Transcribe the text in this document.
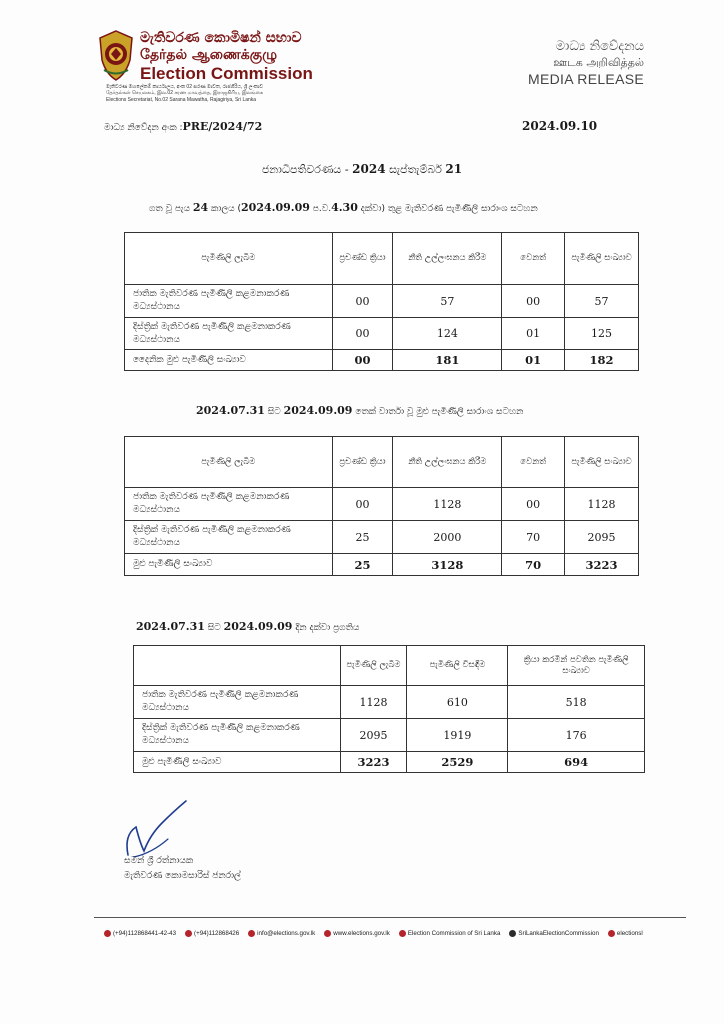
මැතිවරණ කොමිෂන් සභාව
தேர்தல் ஆணைக்குழு
Election Commission
මැතිවරණ මහලේකම් කාර්යාලය, අංක 02 සරණ මාවත, රාජගිරිය, ශ්‍රී ලංකාව
தேர்தல்கள் செயலகம், இல.02 சரண மாவத்தை, இராஜகிரிய, இலங்கை
Elections Secretariat, No.02 Sarana Mawatha, Rajagiriya, Sri Lanka
මාධ්‍ය නිවේදනය
ஊடக அறிவித்தல்
MEDIA RELEASE
මාධ්‍ය නිවේදන අංක :PRE/2024/72	2024.09.10
ජනාධිපතිවරණය - 2024 සැප්තැම්බර් 21
ගත වූ පැය 24 කාලය (2024.09.09 ප.ව.4.30 දක්වා) තුළ මැතිවරණ පැමිණිලි සාරාංශ සටහන
පැමිණිලි ලැබීම	ප්‍රචණ්ඩ ක්‍රියා	නීති උල්ලංඝනය කිරීම	වෙනත්	පැමිණිලි සංඛ්‍යාව
ජාතික මැතිවරණ පැමිණිලි කළමනාකරණ මධ්‍යස්ථානය	00	57	00	57
දිස්ත්‍රික් මැතිවරණ පැමිණිලි කළමනාකරණ මධ්‍යස්ථානය	00	124	01	125
දෛනික මුළු පැමිණිලි සංඛ්‍යාව	00	181	01	182
2024.07.31 සිට 2024.09.09 තෙක් වාර්තා වූ මුළු පැමිණිලි සාරාංශ සටහන
පැමිණිලි ලැබීම	ප්‍රචණ්ඩ ක්‍රියා	නීති උල්ලංඝනය කිරීම	වෙනත්	පැමිණිලි සංඛ්‍යාව
ජාතික මැතිවරණ පැමිණිලි කළමනාකරණ මධ්‍යස්ථානය	00	1128	00	1128
දිස්ත්‍රික් මැතිවරණ පැමිණිලි කළමනාකරණ මධ්‍යස්ථානය	25	2000	70	2095
මුළු පැමිණිලි සංඛ්‍යාව	25	3128	70	3223
2024.07.31 සිට 2024.09.09 දින දක්වා ප්‍රගතිය
	පැමිණිලි ලැබීම	පැමිණිලි විසඳීම	ක්‍රියා කරමින් පවතින පැමිණිලි සංඛ්‍යාව
ජාතික මැතිවරණ පැමිණිලි කළමනාකරණ මධ්‍යස්ථානය	1128	610	518
දිස්ත්‍රික් මැතිවරණ පැමිණිලි කළමනාකරණ මධ්‍යස්ථානය	2095	1919	176
මුළු පැමිණිලි සංඛ්‍යාව	3223	2529	694
සමන් ශ්‍රී රත්නායක
මැතිවරණ කොමසාරිස් ජනරාල්
(+94)112868441-42-43	(+94)112868426	info@elections.gov.lk	www.elections.gov.lk	Election Commission of Sri Lanka	SriLankaElectionCommission	electionsl
